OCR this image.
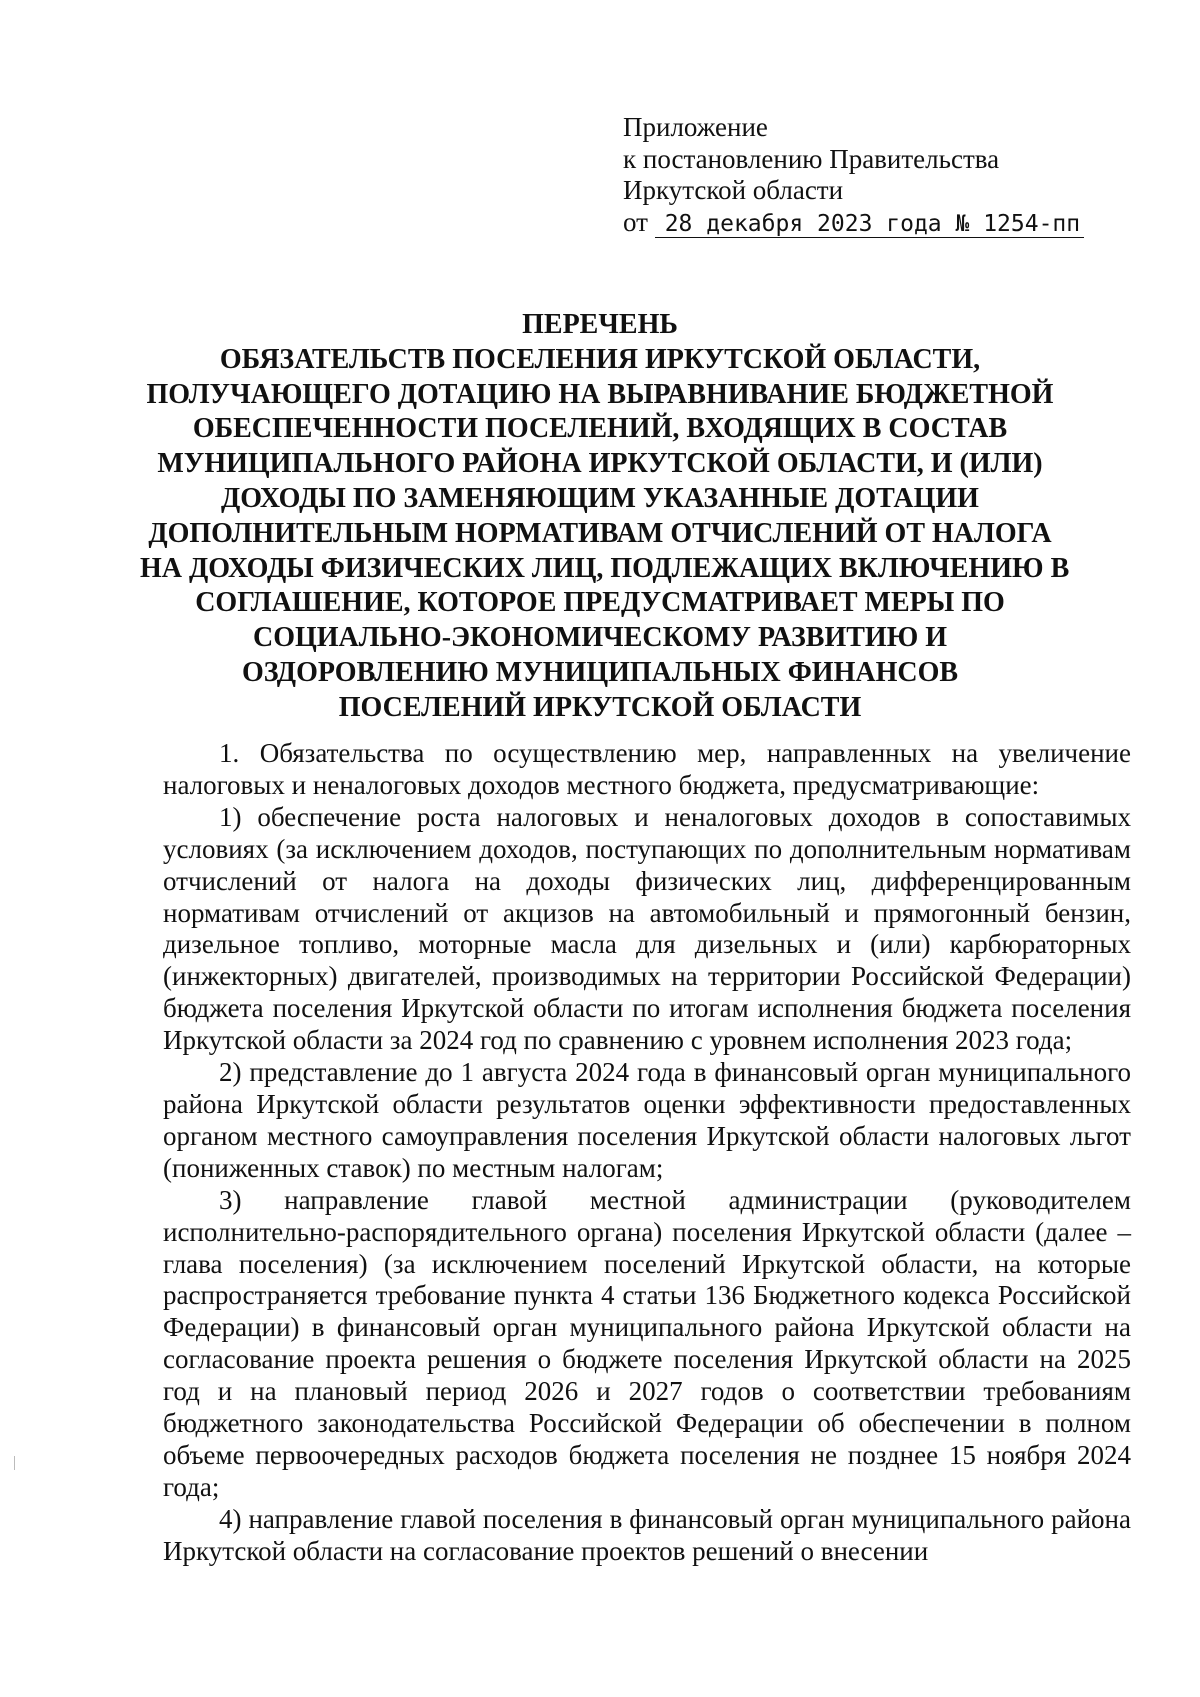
Приложение
к постановлению Правительства
Иркутской области
от 28 декабря 2023 года № 1254-пп
ПЕРЕЧЕНЬ
ОБЯЗАТЕЛЬСТВ ПОСЕЛЕНИЯ ИРКУТСКОЙ ОБЛАСТИ,
ПОЛУЧАЮЩЕГО ДОТАЦИЮ НА ВЫРАВНИВАНИЕ БЮДЖЕТНОЙ
ОБЕСПЕЧЕННОСТИ ПОСЕЛЕНИЙ, ВХОДЯЩИХ В СОСТАВ
МУНИЦИПАЛЬНОГО РАЙОНА ИРКУТСКОЙ ОБЛАСТИ, И (ИЛИ)
ДОХОДЫ ПО ЗАМЕНЯЮЩИМ УКАЗАННЫЕ ДОТАЦИИ
ДОПОЛНИТЕЛЬНЫМ НОРМАТИВАМ ОТЧИСЛЕНИЙ ОТ НАЛОГА
НА ДОХОДЫ ФИЗИЧЕСКИХ ЛИЦ, ПОДЛЕЖАЩИХ ВКЛЮЧЕНИЮ В
СОГЛАШЕНИЕ, КОТОРОЕ ПРЕДУСМАТРИВАЕТ МЕРЫ ПО
СОЦИАЛЬНО-ЭКОНОМИЧЕСКОМУ РАЗВИТИЮ И
ОЗДОРОВЛЕНИЮ МУНИЦИПАЛЬНЫХ ФИНАНСОВ
ПОСЕЛЕНИЙ ИРКУТСКОЙ ОБЛАСТИ

1. Обязательства по осуществлению мер, направленных на увеличение налоговых и неналоговых доходов местного бюджета, предусматривающие:

1) обеспечение роста налоговых и неналоговых доходов в сопоставимых условиях (за исключением доходов, поступающих по дополнительным нормативам отчислений от налога на доходы физических лиц, дифференцированным нормативам отчислений от акцизов на автомобильный и прямогонный бензин, дизельное топливо, моторные масла для дизельных и (или) карбюраторных (инжекторных) двигателей, производимых на территории Российской Федерации) бюджета поселения Иркутской области по итогам исполнения бюджета поселения Иркутской области за 2024 год по сравнению с уровнем исполнения 2023 года;

2) представление до 1 августа 2024 года в финансовый орган муниципального района Иркутской области результатов оценки эффективности предоставленных органом местного самоуправления поселения Иркутской области налоговых льгот (пониженных ставок) по местным налогам;

3) направление главой местной администрации (руководителем исполнительно-распорядительного органа) поселения Иркутской области (далее – глава поселения) (за исключением поселений Иркутской области, на которые распространяется требование пункта 4 статьи 136 Бюджетного кодекса Российской Федерации) в финансовый орган муниципального района Иркутской области на согласование проекта решения о бюджете поселения Иркутской области на 2025 год и на плановый период 2026 и 2027 годов о соответствии требованиям бюджетного законодательства Российской Федерации об обеспечении в полном объеме первоочередных расходов бюджета поселения не позднее 15 ноября 2024 года;

4) направление главой поселения в финансовый орган муниципального района Иркутской области на согласование проектов решений о внесении
